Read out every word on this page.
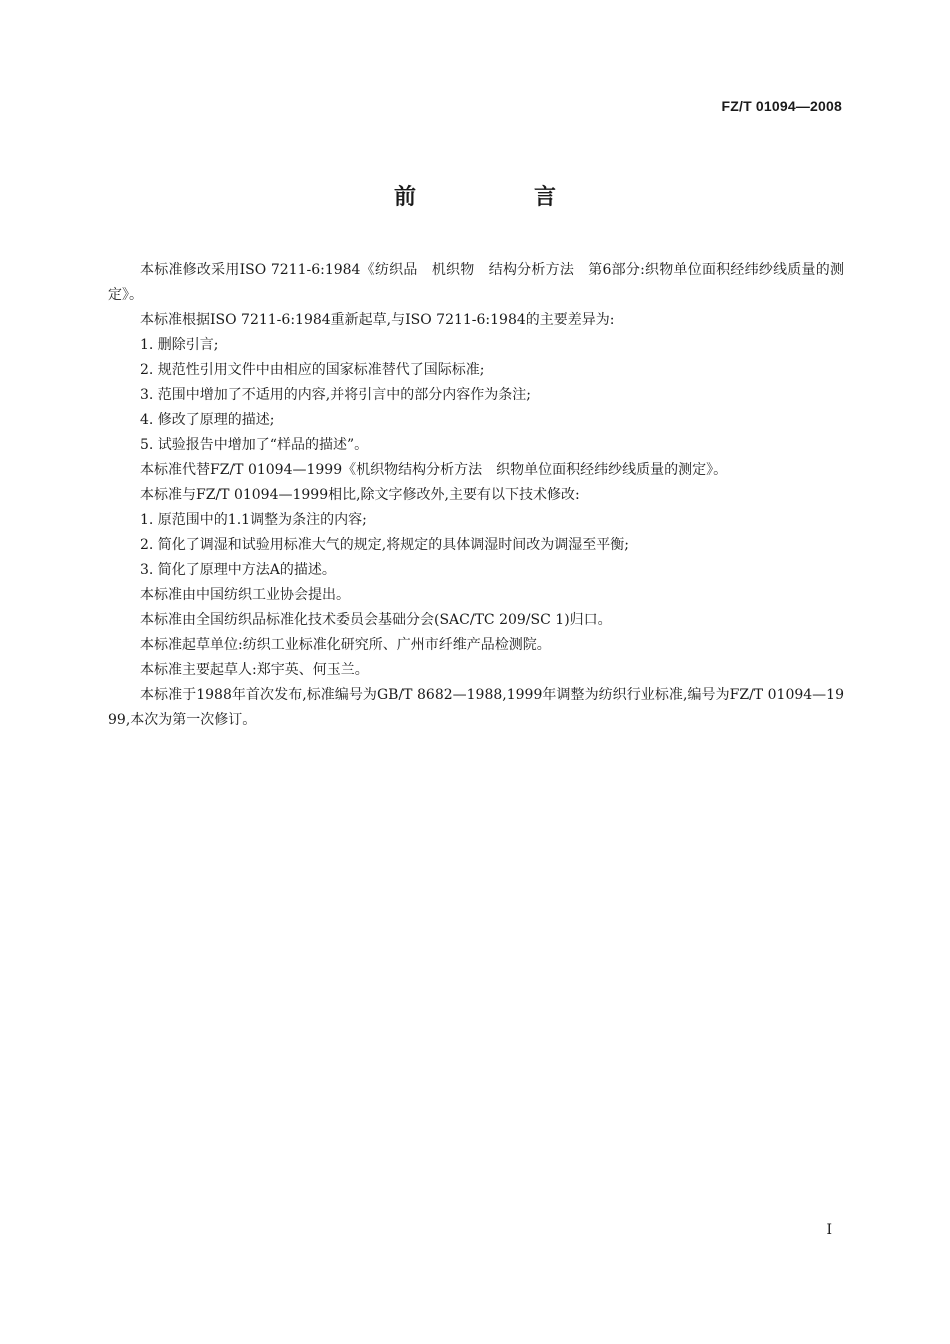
FZ/T 01094—2008
前　言

本标准修改采用ISO 7211-6:1984《纺织品　机织物　结构分析方法　第6部分:织物单位面积经纬纱线质量的测定》。

本标准根据ISO 7211-6:1984重新起草,与ISO 7211-6:1984的主要差异为:

1. 删除引言;

2. 规范性引用文件中由相应的国家标准替代了国际标准;

3. 范围中增加了不适用的内容,并将引言中的部分内容作为条注;

4. 修改了原理的描述;

5. 试验报告中增加了“样品的描述”。

本标准代替FZ/T 01094—1999《机织物结构分析方法　织物单位面积经纬纱线质量的测定》。

本标准与FZ/T 01094—1999相比,除文字修改外,主要有以下技术修改:

1. 原范围中的1.1调整为条注的内容;

2. 简化了调湿和试验用标准大气的规定,将规定的具体调湿时间改为调湿至平衡;

3. 简化了原理中方法A的描述。

本标准由中国纺织工业协会提出。

本标准由全国纺织品标准化技术委员会基础分会(SAC/TC 209/SC 1)归口。

本标准起草单位:纺织工业标准化研究所、广州市纤维产品检测院。

本标准主要起草人:郑宇英、何玉兰。

本标准于1988年首次发布,标准编号为GB/T 8682—1988,1999年调整为纺织行业标准,编号为FZ/T 01094—1999,本次为第一次修订。

I
